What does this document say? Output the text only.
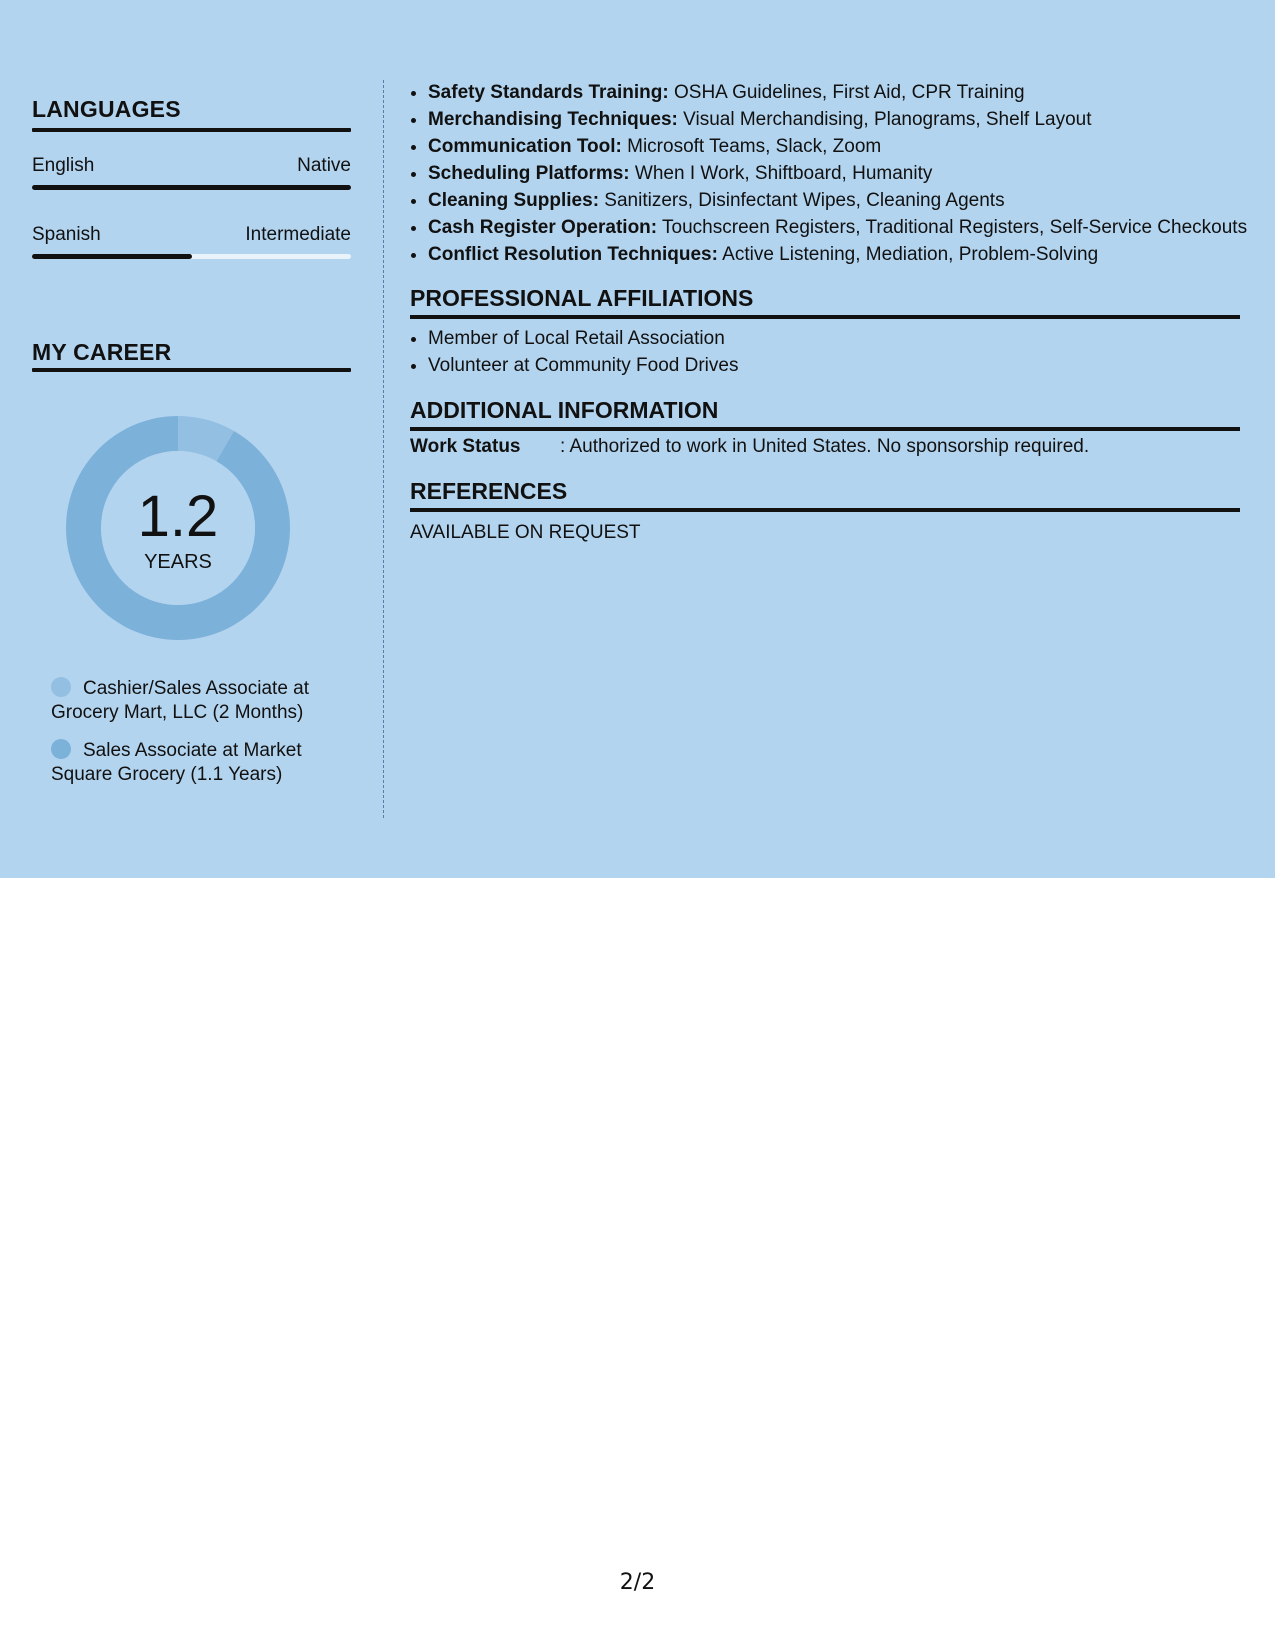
LANGUAGES
English	Native
Spanish	Intermediate
MY CAREER
1.2
YEARS
Cashier/Sales Associate at Grocery Mart, LLC (2 Months)
Sales Associate at Market Square Grocery (1.1 Years)
• Safety Standards Training: OSHA Guidelines, First Aid, CPR Training
• Merchandising Techniques: Visual Merchandising, Planograms, Shelf Layout
• Communication Tool: Microsoft Teams, Slack, Zoom
• Scheduling Platforms: When I Work, Shiftboard, Humanity
• Cleaning Supplies: Sanitizers, Disinfectant Wipes, Cleaning Agents
• Cash Register Operation: Touchscreen Registers, Traditional Registers, Self-Service Checkouts
• Conflict Resolution Techniques: Active Listening, Mediation, Problem-Solving
PROFESSIONAL AFFILIATIONS
• Member of Local Retail Association
• Volunteer at Community Food Drives
ADDITIONAL INFORMATION
Work Status : Authorized to work in United States. No sponsorship required.
REFERENCES
AVAILABLE ON REQUEST
2/2
